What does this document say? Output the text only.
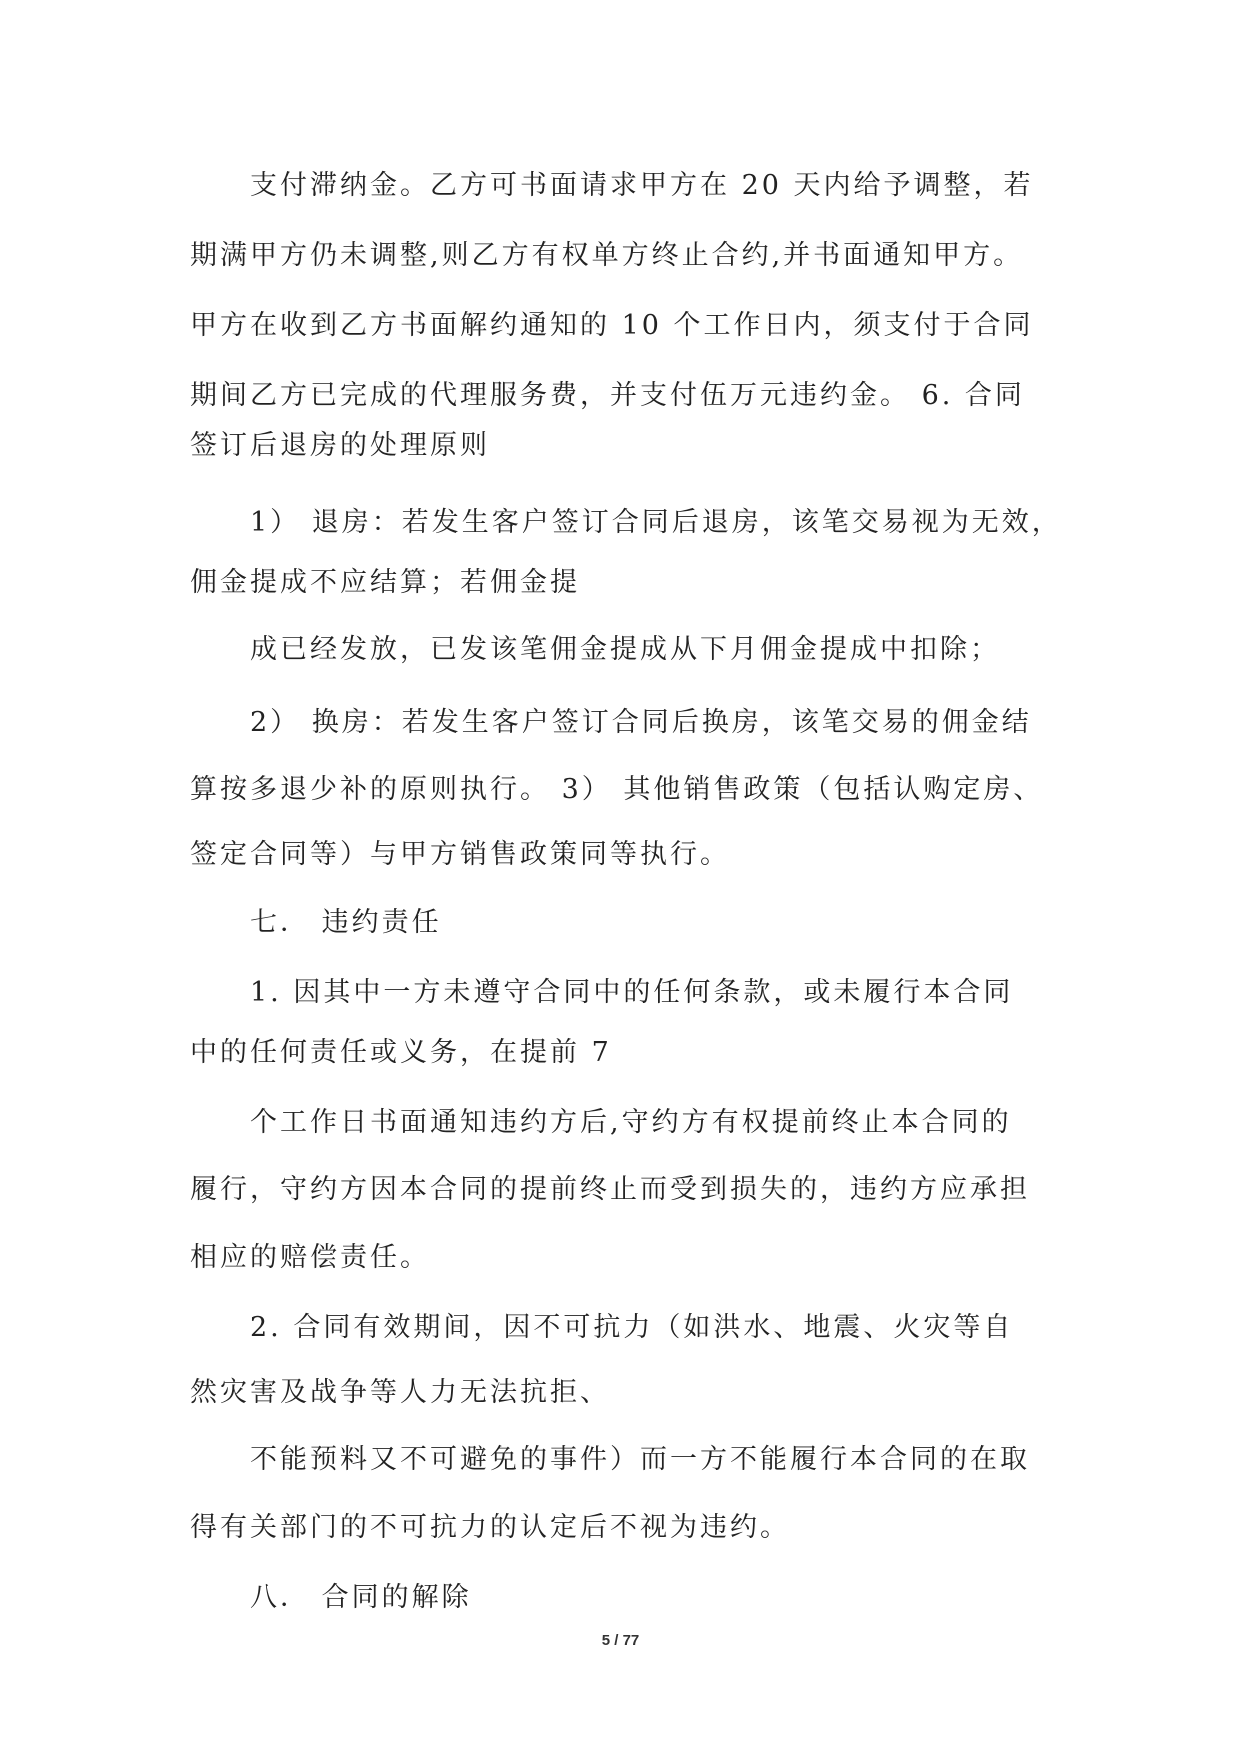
支付滞纳金。乙方可书面请求甲方在 20 天内给予调整，若
期满甲方仍未调整,则乙方有权单方终止合约,并书面通知甲方。
甲方在收到乙方书面解约通知的 10 个工作日内，须支付于合同
期间乙方已完成的代理服务费，并支付伍万元违约金。 6. 合同
签订后退房的处理原则
1） 退房：若发生客户签订合同后退房，该笔交易视为无效，
佣金提成不应结算；若佣金提
成已经发放，已发该笔佣金提成从下月佣金提成中扣除；
2） 换房：若发生客户签订合同后换房，该笔交易的佣金结
算按多退少补的原则执行。 3） 其他销售政策（包括认购定房、
签定合同等）与甲方销售政策同等执行。
七． 违约责任
1. 因其中一方未遵守合同中的任何条款，或未履行本合同
中的任何责任或义务，在提前 7
个工作日书面通知违约方后,守约方有权提前终止本合同的
履行，守约方因本合同的提前终止而受到损失的，违约方应承担
相应的赔偿责任。
2. 合同有效期间，因不可抗力（如洪水、地震、火灾等自
然灾害及战争等人力无法抗拒、
不能预料又不可避免的事件）而一方不能履行本合同的在取
得有关部门的不可抗力的认定后不视为违约。
八． 合同的解除
5 / 77
